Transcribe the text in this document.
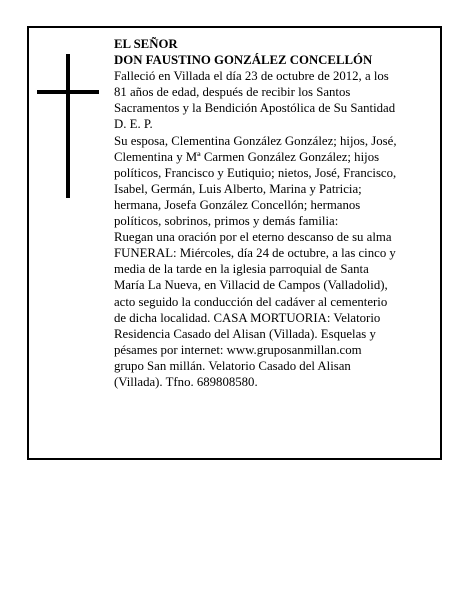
EL SEÑOR
DON FAUSTINO GONZÁLEZ CONCELLÓN
Falleció en Villada el día 23 de octubre de 2012, a los
81 años de edad, después de recibir los Santos
Sacramentos y la Bendición Apostólica de Su Santidad
D. E. P.
Su esposa, Clementina González González; hijos, José,
Clementina y Mª Carmen González González; hijos
políticos, Francisco y Eutiquio; nietos, José, Francisco,
Isabel, Germán, Luis Alberto, Marina y Patricia;
hermana, Josefa González Concellón; hermanos
políticos, sobrinos, primos y demás familia:
Ruegan una oración por el eterno descanso de su alma
FUNERAL: Miércoles, día 24 de octubre, a las cinco y
media de la tarde en la iglesia parroquial de Santa
María La Nueva, en Villacid de Campos (Valladolid),
acto seguido la conducción del cadáver al cementerio
de dicha localidad. CASA MORTUORIA: Velatorio
Residencia Casado del Alisan (Villada). Esquelas y
pésames por internet: www.gruposanmillan.com
grupo San millán. Velatorio Casado del Alisan
(Villada). Tfno. 689808580.
